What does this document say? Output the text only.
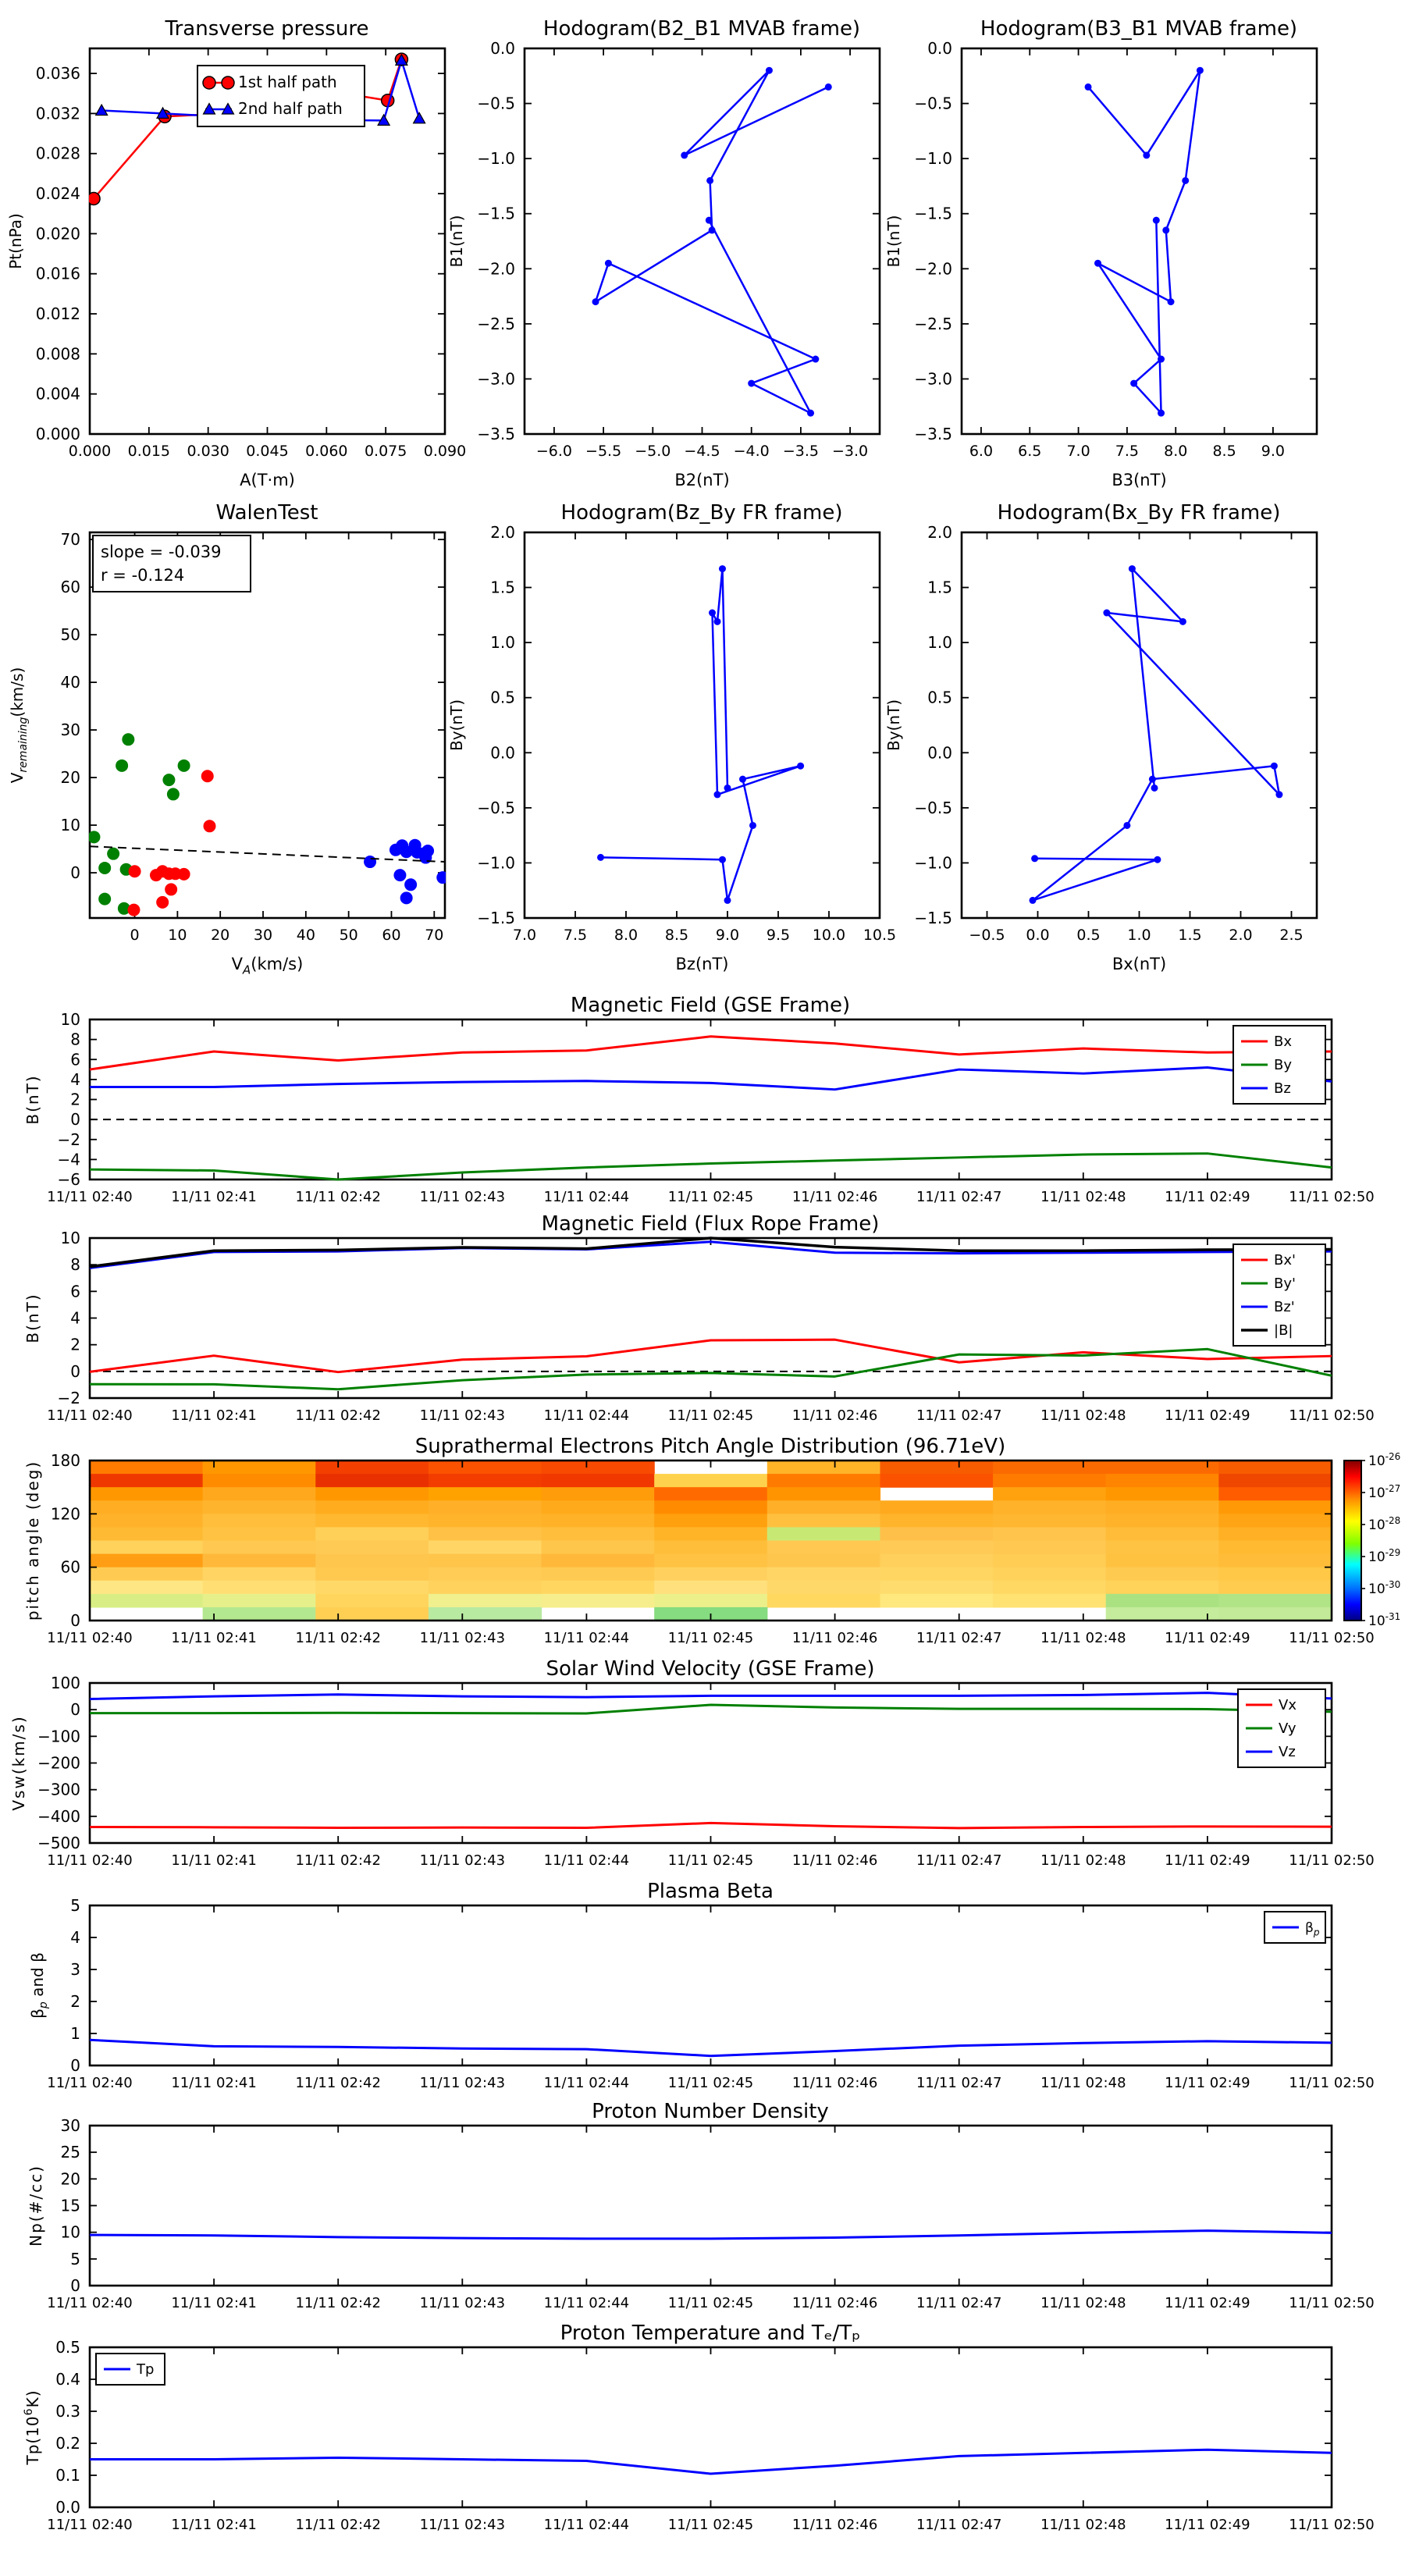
Transverse pressure	Hodogram(B2_B1 MVAB frame)	Hodogram(B3_B1 MVAB frame)
WalenTest	Hodogram(Bz_By FR frame)	Hodogram(Bx_By FR frame)
Magnetic Field (GSE Frame)
Magnetic Field (Flux Rope Frame)
Suprathermal Electrons Pitch Angle Distribution (96.71eV)
Solar Wind Velocity (GSE Frame)
Plasma Beta
Proton Number Density
Proton Temperature and Tₑ/Tₚ
0.000 0.015 0.030 0.045 0.060 0.075 0.090
0.000
0.004
0.008
0.012
0.016
0.020
0.024
0.028
0.032
0.036
A(T·m)
Pt(nPa)
1st half path
2nd half path
−6.0 −5.5 −5.0 −4.5 −4.0 −3.5 −3.0
−3.5
−3.0
−2.5
−2.0
−1.5
−1.0
−0.5
0.0
B2(nT)
B1(nT)
6.0 6.5 7.0 7.5 8.0 8.5 9.0
−3.5
−3.0
−2.5
−2.0
−1.5
−1.0
−0.5
0.0
B3(nT)
B1(nT)
0 10 20 30 40 50 60 70
0
10
20
30
40
50
60
70
$V_A(km/s)$
$V_{remaining}(km/s)$
slope = -0.039
r = -0.124
7.0 7.5 8.0 8.5 9.0 9.5 10.0 10.5
−1.5
−1.0
−0.5
0.0
0.5
1.0
1.5
2.0
Bz(nT)
By(nT)
−0.5 0.0 0.5 1.0 1.5 2.0 2.5
−1.5
−1.0
−0.5
0.0
0.5
1.0
1.5
2.0
Bx(nT)
By(nT)
11/11 02:40	11/11 02:41	11/11 02:42	11/11 02:43	11/11 02:44	11/11 02:45	11/11 02:46	11/11 02:47	11/11 02:48	11/11 02:49	11/11 02:50
−6
−4
−2
0
2
4
6
8
10
B(nT)
Bx
By
Bz
11/11 02:40	11/11 02:41	11/11 02:42	11/11 02:43	11/11 02:44	11/11 02:45	11/11 02:46	11/11 02:47	11/11 02:48	11/11 02:49	11/11 02:50
−2
0
2
4
6
8
10
B(nT)
Bx'
By'
Bz'
|B|
11/11 02:40	11/11 02:41	11/11 02:42	11/11 02:43	11/11 02:44	11/11 02:45	11/11 02:46	11/11 02:47	11/11 02:48	11/11 02:49	11/11 02:50
0
60
120
180
pitch angle (deg)	$10^{-26}$
$10^{-27}$
$10^{-28}$
$10^{-29}$
$10^{-30}$
$10^{-31}$
11/11 02:40	11/11 02:41	11/11 02:42	11/11 02:43	11/11 02:44	11/11 02:45	11/11 02:46	11/11 02:47	11/11 02:48	11/11 02:49	11/11 02:50
−500
−400
−300
−200
−100
0
100
Vsw(km/s)
Vx
Vy
Vz
11/11 02:40	11/11 02:41	11/11 02:42	11/11 02:43	11/11 02:44	11/11 02:45	11/11 02:46	11/11 02:47	11/11 02:48	11/11 02:49	11/11 02:50
0
1
2
3
4
5
$\beta_p$ and β
$\beta_p$
11/11 02:40	11/11 02:41	11/11 02:42	11/11 02:43	11/11 02:44	11/11 02:45	11/11 02:46	11/11 02:47	11/11 02:48	11/11 02:49	11/11 02:50
0
5
10
15
20
25
30
Np(#/cc)
11/11 02:40	11/11 02:41	11/11 02:42	11/11 02:43	11/11 02:44	11/11 02:45	11/11 02:46	11/11 02:47	11/11 02:48	11/11 02:49	11/11 02:50
0.0
0.1
0.2
0.3
0.4
0.5
$Tp(10^6K)$
Tp
